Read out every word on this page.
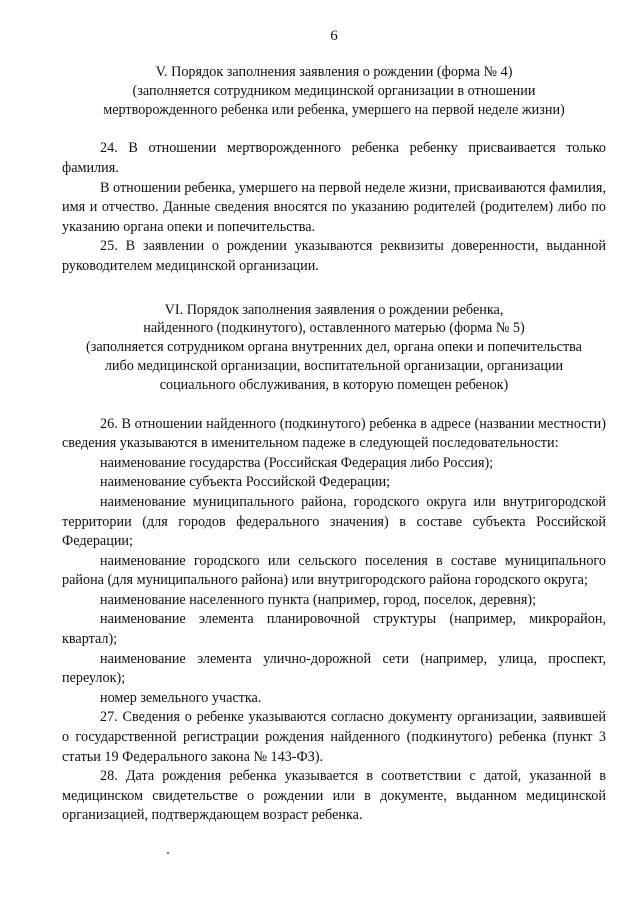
6
V. Порядок заполнения заявления о рождении (форма № 4)
(заполняется сотрудником медицинской организации в отношении
мертворожденного ребенка или ребенка, умершего на первой неделе жизни)

24. В отношении мертворожденного ребенка ребенку присваивается только фамилия.

В отношении ребенка, умершего на первой неделе жизни, присваиваются фамилия, имя и отчество. Данные сведения вносятся по указанию родителей (родителем) либо по указанию органа опеки и попечительства.

25. В заявлении о рождении указываются реквизиты доверенности, выданной руководителем медицинской организации.

VI. Порядок заполнения заявления о рождении ребенка,
найденного (подкинутого), оставленного матерью (форма № 5)
(заполняется сотрудником органа внутренних дел, органа опеки и попечительства
либо медицинской организации, воспитательной организации, организации
социального обслуживания, в которую помещен ребенок)

26. В отношении найденного (подкинутого) ребенка в адресе (названии местности) сведения указываются в именительном падеже в следующей последовательности:

наименование государства (Российская Федерация либо Россия);

наименование субъекта Российской Федерации;

наименование муниципального района, городского округа или внутригородской территории (для городов федерального значения) в составе субъекта Российской Федерации;

наименование городского или сельского поселения в составе муниципального района (для муниципального района) или внутригородского района городского округа;

наименование населенного пункта (например, город, поселок, деревня);

наименование элемента планировочной структуры (например, микрорайон, квартал);

наименование элемента улично-дорожной сети (например, улица, проспект, переулок);

номер земельного участка.

27. Сведения о ребенке указываются согласно документу организации, заявившей о государственной регистрации рождения найденного (подкинутого) ребенка (пункт 3 статьи 19 Федерального закона № 143-ФЗ).

28. Дата рождения ребенка указывается в соответствии с датой, указанной в медицинском свидетельстве о рождении или в документе, выданном медицинской организацией, подтверждающем возраст ребенка.
